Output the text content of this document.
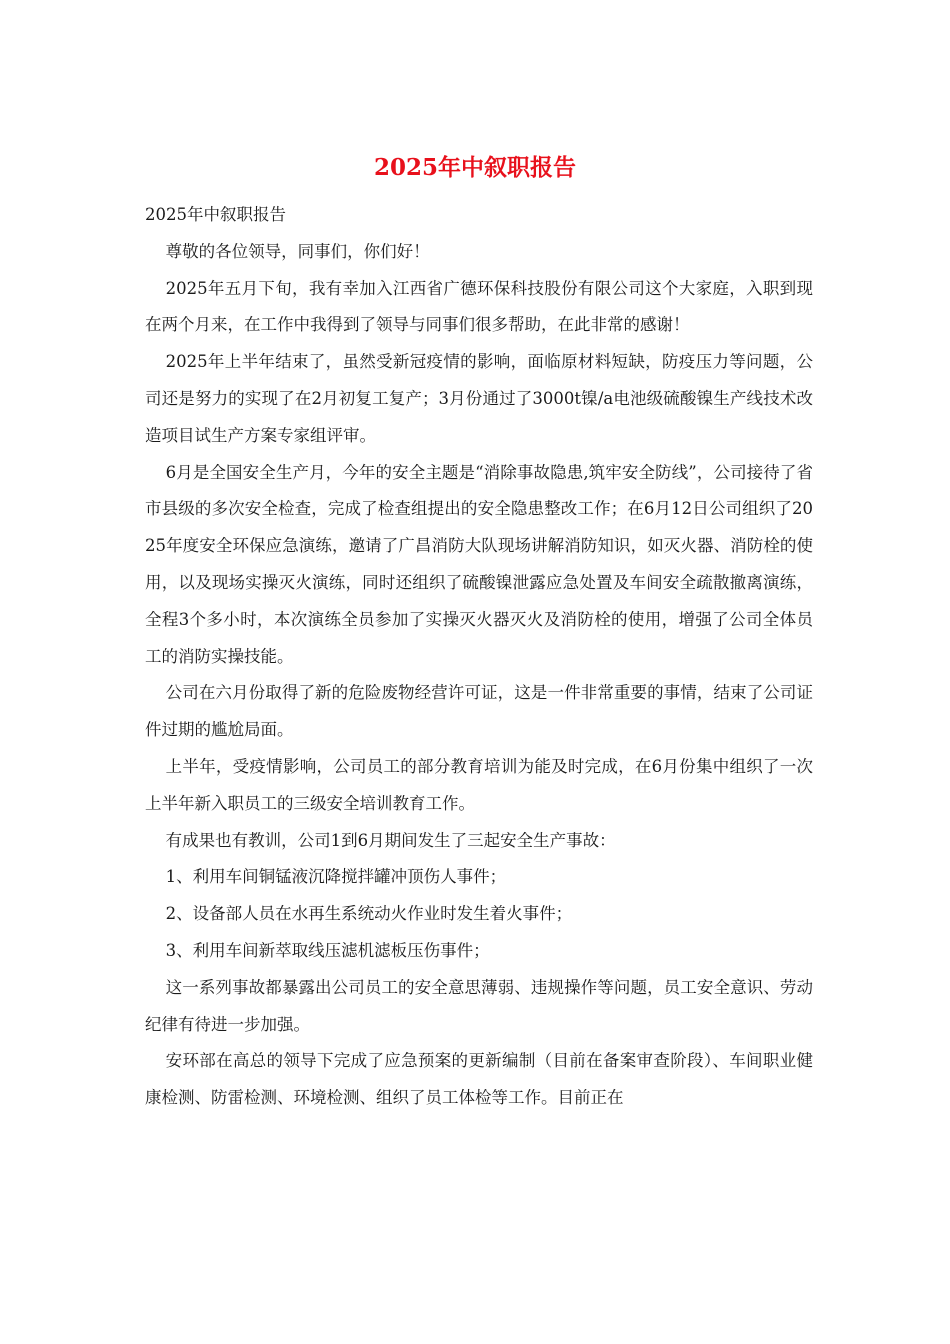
2025年中叙职报告

2025年中叙职报告

尊敬的各位领导，同事们，你们好！

2025年五月下旬，我有幸加入江西省广德环保科技股份有限公司这个大家庭，入职到现在两个月来，在工作中我得到了领导与同事们很多帮助，在此非常的感谢！

2025年上半年结束了，虽然受新冠疫情的影响，面临原材料短缺，防疫压力等问题，公司还是努力的实现了在2月初复工复产；3月份通过了3000t镍/a电池级硫酸镍生产线技术改造项目试生产方案专家组评审。

6月是全国安全生产月，今年的安全主题是“消除事故隐患,筑牢安全防线”，公司接待了省市县级的多次安全检查，完成了检查组提出的安全隐患整改工作；在6月12日公司组织了2025年度安全环保应急演练，邀请了广昌消防大队现场讲解消防知识，如灭火器、消防栓的使用，以及现场实操灭火演练，同时还组织了硫酸镍泄露应急处置及车间安全疏散撤离演练，全程3个多小时，本次演练全员参加了实操灭火器灭火及消防栓的使用，增强了公司全体员工的消防实操技能。

公司在六月份取得了新的危险废物经营许可证，这是一件非常重要的事情，结束了公司证件过期的尴尬局面。

上半年，受疫情影响，公司员工的部分教育培训为能及时完成，在6月份集中组织了一次上半年新入职员工的三级安全培训教育工作。

有成果也有教训，公司1到6月期间发生了三起安全生产事故：

1、利用车间铜锰液沉降搅拌罐冲顶伤人事件；

2、设备部人员在水再生系统动火作业时发生着火事件；

3、利用车间新萃取线压滤机滤板压伤事件；

这一系列事故都暴露出公司员工的安全意思薄弱、违规操作等问题，员工安全意识、劳动纪律有待进一步加强。

安环部在高总的领导下完成了应急预案的更新编制（目前在备案审查阶段）、车间职业健康检测、防雷检测、环境检测、组织了员工体检等工作。目前正在
